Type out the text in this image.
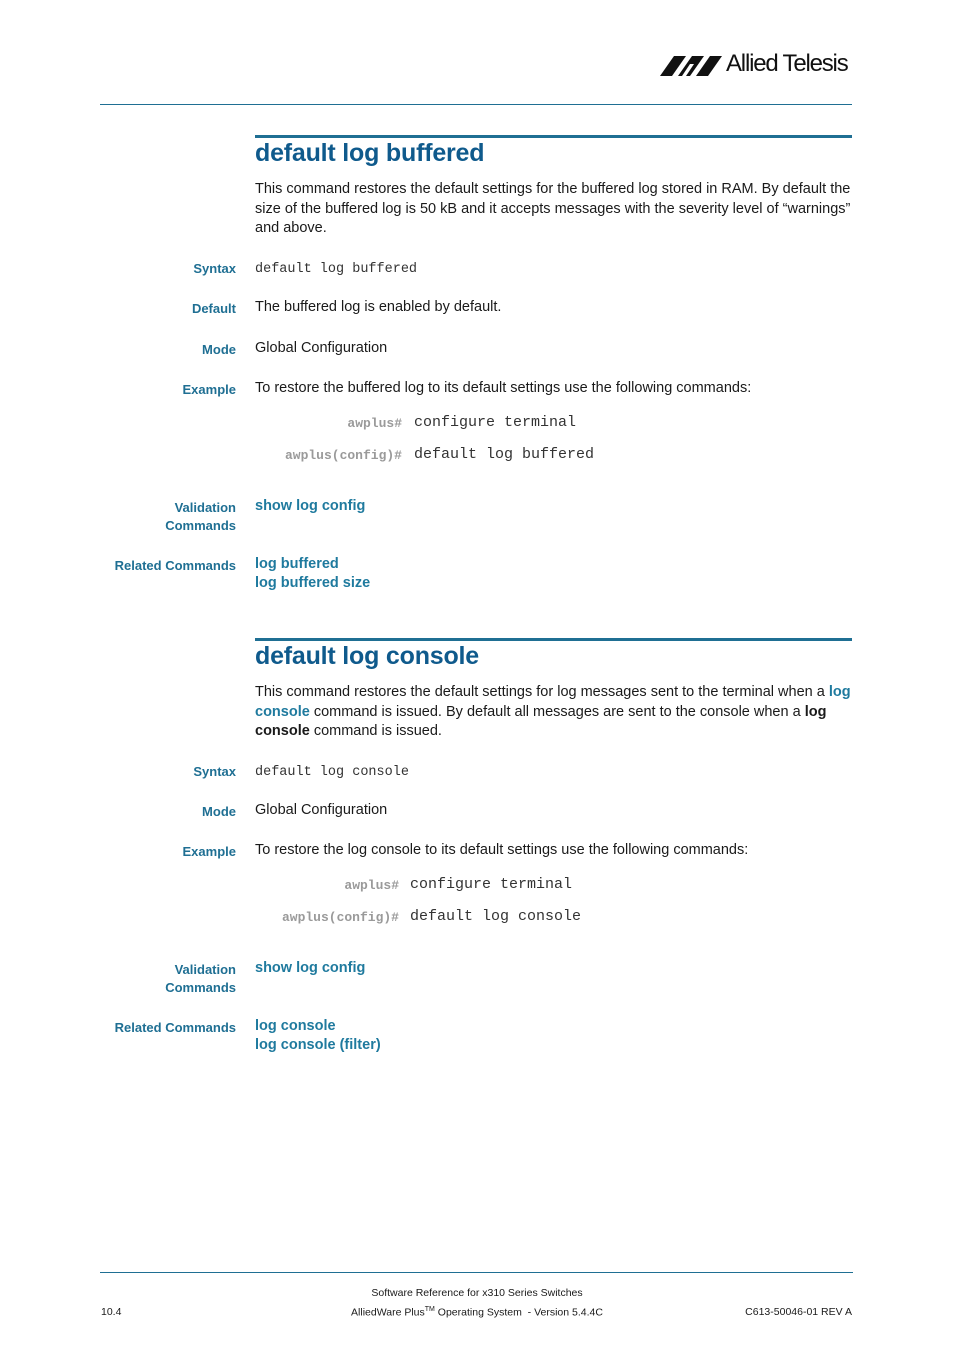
Allied Telesis
default log buffered
This command restores the default settings for the buffered log stored in RAM. By default the size of the buffered log is 50 kB and it accepts messages with the severity level of “warnings” and above.
Syntax default log buffered
Default The buffered log is enabled by default.
Mode Global Configuration
Example To restore the buffered log to its default settings use the following commands:
awplus# configure terminal
awplus(config)# default log buffered
Validation
Commands
show log config
Related Commands log buffered
log buffered size
default log console
This command restores the default settings for log messages sent to the terminal when a log console command is issued. By default all messages are sent to the console when a log console command is issued.
Syntax default log console
Mode Global Configuration
Example To restore the log console to its default settings use the following commands:
awplus# configure terminal
awplus(config)# default log console
Validation
Commands
show log config
Related Commands log console
log console (filter)
Software Reference for x310 Series Switches
10.4	AlliedWare Plus™ Operating System  - Version 5.4.4C	C613-50046-01 REV A
